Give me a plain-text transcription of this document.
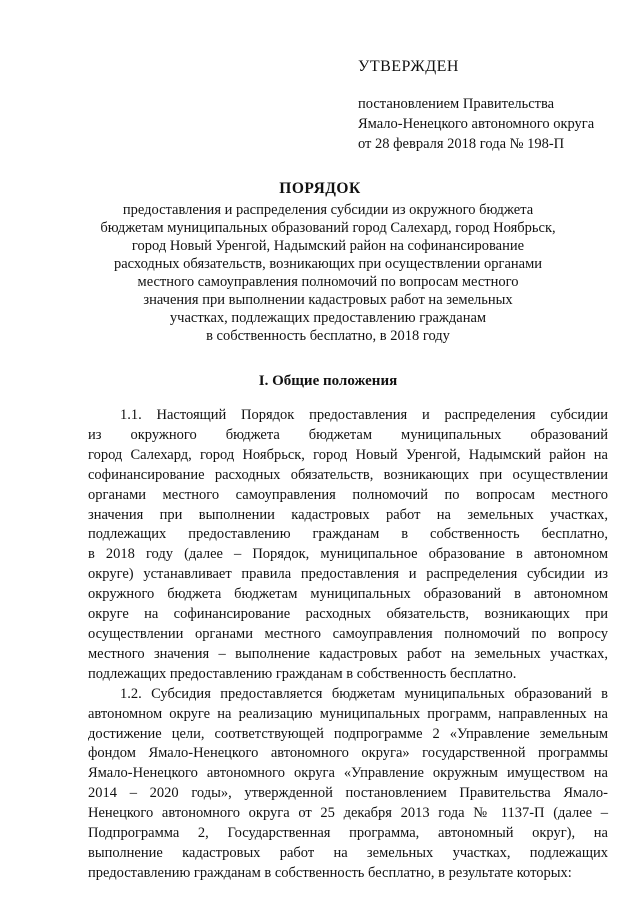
УТВЕРЖДЕН
постановлением Правительства
Ямало-Ненецкого автономного округа
от 28 февраля 2018 года № 198-П
ПОРЯДОК
предоставления и распределения субсидии из окружного бюджета
бюджетам муниципальных образований город Салехард, город Ноябрьск,
город Новый Уренгой, Надымский район на софинансирование
расходных обязательств, возникающих при осуществлении органами
местного самоуправления полномочий по вопросам местного
значения при выполнении кадастровых работ на земельных
участках, подлежащих предоставлению гражданам
в собственность бесплатно, в 2018 году
I. Общие положения
1.1. Настоящий Порядок предоставления и распределения субсидии
из окружного бюджета бюджетам муниципальных образований
город Салехард, город Ноябрьск, город Новый Уренгой, Надымский район на
софинансирование расходных обязательств, возникающих при осуществлении
органами местного самоуправления полномочий по вопросам местного
значения при выполнении кадастровых работ на земельных участках,
подлежащих предоставлению гражданам в собственность бесплатно,
в 2018 году (далее – Порядок, муниципальное образование в автономном
округе) устанавливает правила предоставления и распределения субсидии из
окружного бюджета бюджетам муниципальных образований в автономном
округе на софинансирование расходных обязательств, возникающих при
осуществлении органами местного самоуправления полномочий по вопросу
местного значения – выполнение кадастровых работ на земельных участках,
подлежащих предоставлению гражданам в собственность бесплатно.
1.2. Субсидия предоставляется бюджетам муниципальных образований в
автономном округе на реализацию муниципальных программ, направленных на
достижение цели, соответствующей подпрограмме 2 «Управление земельным
фондом Ямало-Ненецкого автономного округа» государственной программы
Ямало-Ненецкого автономного округа «Управление окружным имуществом на
2014 – 2020 годы», утвержденной постановлением Правительства Ямало-
Ненецкого автономного округа от 25 декабря 2013 года № 1137-П (далее –
Подпрограмма 2, Государственная программа, автономный округ), на
выполнение кадастровых работ на земельных участках, подлежащих
предоставлению гражданам в собственность бесплатно, в результате которых:
